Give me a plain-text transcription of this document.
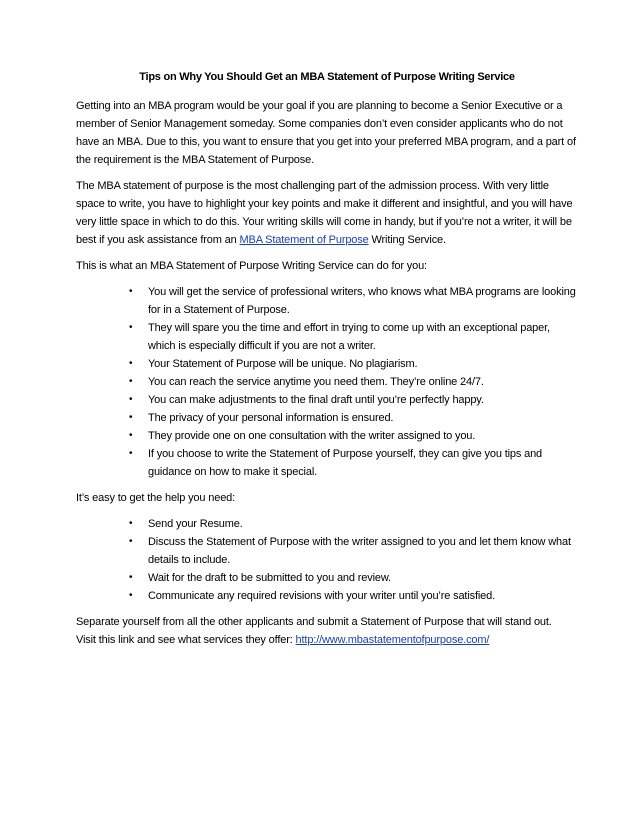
Tips on Why You Should Get an MBA Statement of Purpose Writing Service

Getting into an MBA program would be your goal if you are planning to become a Senior Executive or a member of Senior Management someday. Some companies don’t even consider applicants who do not have an MBA. Due to this, you want to ensure that you get into your preferred MBA program, and a part of the requirement is the MBA Statement of Purpose.

The MBA statement of purpose is the most challenging part of the admission process. With very little space to write, you have to highlight your key points and make it different and insightful, and you will have very little space in which to do this. Your writing skills will come in handy, but if you’re not a writer, it will be best if you ask assistance from an MBA Statement of Purpose Writing Service.

This is what an MBA Statement of Purpose Writing Service can do for you:

• You will get the service of professional writers, who knows what MBA programs are looking for in a Statement of Purpose.
• They will spare you the time and effort in trying to come up with an exceptional paper, which is especially difficult if you are not a writer.
• Your Statement of Purpose will be unique. No plagiarism.
• You can reach the service anytime you need them. They’re online 24/7.
• You can make adjustments to the final draft until you’re perfectly happy.
• The privacy of your personal information is ensured.
• They provide one on one consultation with the writer assigned to you.
• If you choose to write the Statement of Purpose yourself, they can give you tips and guidance on how to make it special.

It’s easy to get the help you need:

• Send your Resume.
• Discuss the Statement of Purpose with the writer assigned to you and let them know what details to include.
• Wait for the draft to be submitted to you and review.
• Communicate any required revisions with your writer until you’re satisfied.

Separate yourself from all the other applicants and submit a Statement of Purpose that will stand out.
Visit this link and see what services they offer: http://www.mbastatementofpurpose.com/
